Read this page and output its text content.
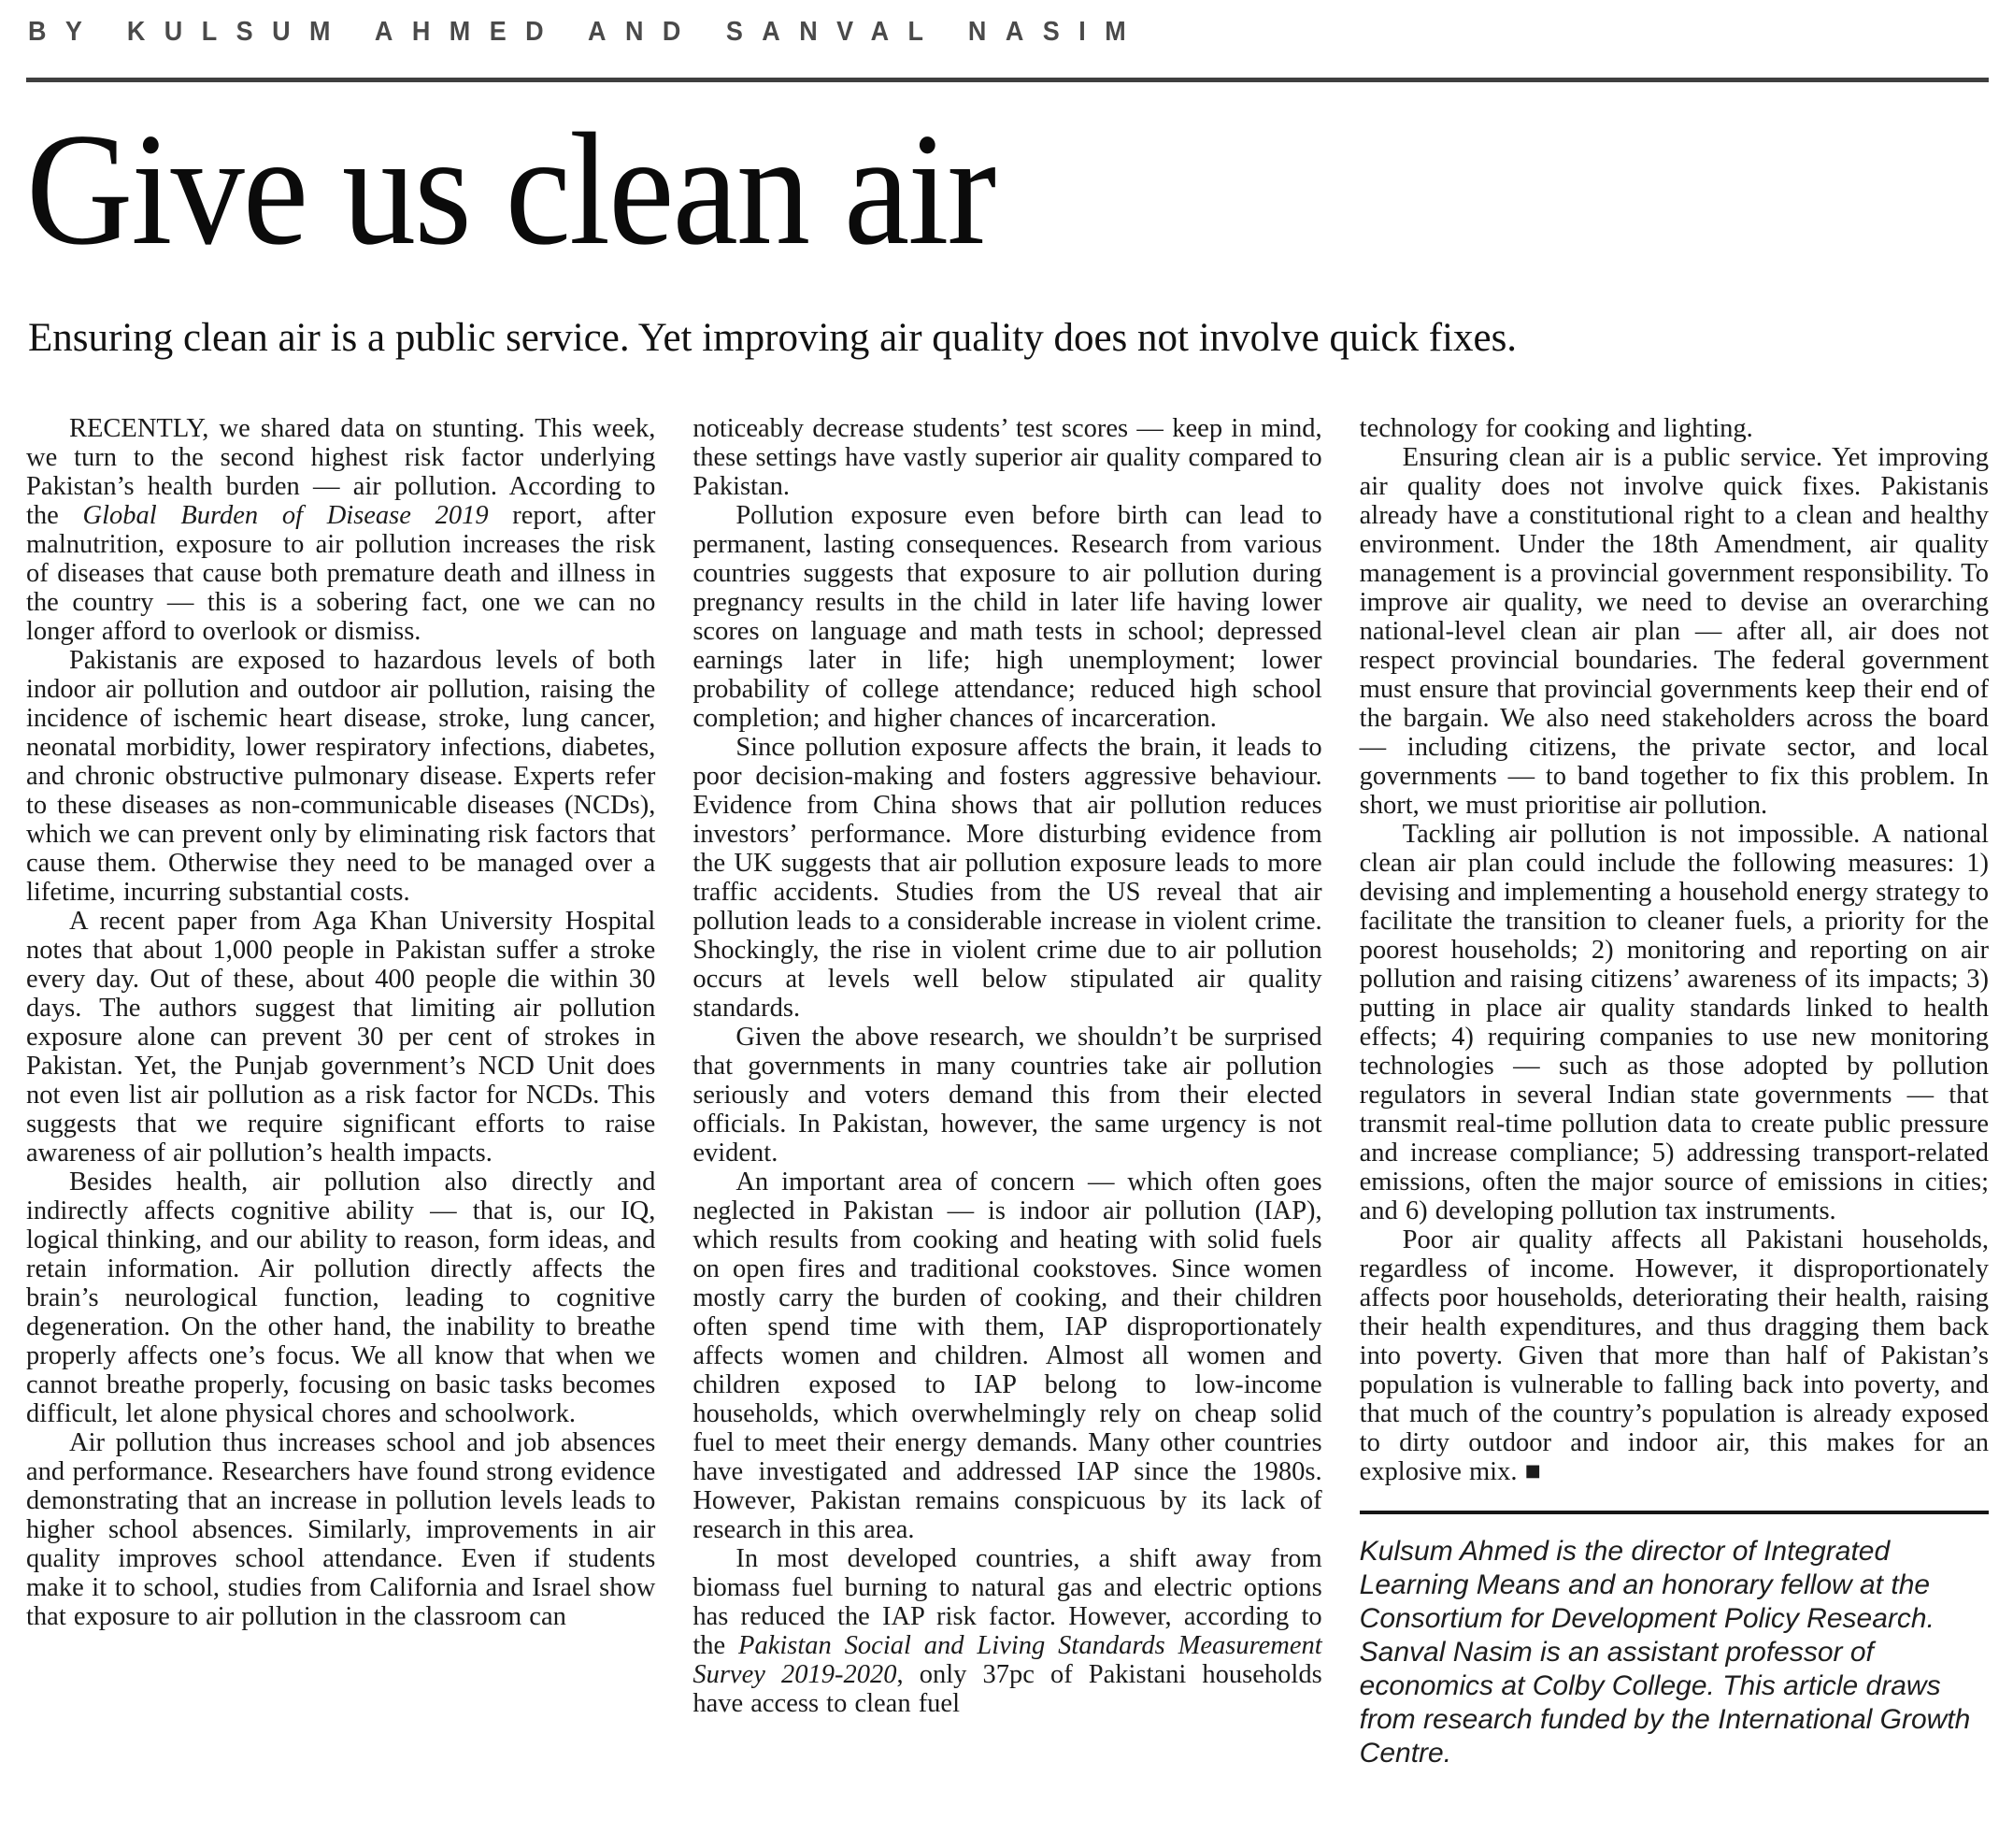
BY KULSUM AHMED AND SANVAL NASIM
Give us clean air

Ensuring clean air is a public service. Yet improving air quality does not involve quick fixes.

RECENTLY, we shared data on stunting. This week, we turn to the second highest risk factor underlying Pakistan’s health burden — air pollution. According to the Global Burden of Disease 2019 report, after malnutrition, exposure to air pollution increases the risk of diseases that cause both premature death and illness in the country — this is a sobering fact, one we can no longer afford to overlook or dismiss.

Pakistanis are exposed to hazardous levels of both indoor air pollution and outdoor air pollution, raising the incidence of ischemic heart disease, stroke, lung cancer, neonatal morbidity, lower respiratory infections, diabetes, and chronic obstructive pulmonary disease. Experts refer to these diseases as non-communicable diseases (NCDs), which we can prevent only by eliminating risk factors that cause them. Otherwise they need to be managed over a lifetime, incurring substantial costs.

A recent paper from Aga Khan University Hospital notes that about 1,000 people in Pakistan suffer a stroke every day. Out of these, about 400 people die within 30 days. The authors suggest that limiting air pollution exposure alone can prevent 30 per cent of strokes in Pakistan. Yet, the Punjab government’s NCD Unit does not even list air pollution as a risk factor for NCDs. This suggests that we require significant efforts to raise awareness of air pollution’s health impacts.

Besides health, air pollution also directly and indirectly affects cognitive ability — that is, our IQ, logical thinking, and our ability to reason, form ideas, and retain information. Air pollution directly affects the brain’s neurological function, leading to cognitive degeneration. On the other hand, the inability to breathe properly affects one’s focus. We all know that when we cannot breathe properly, focusing on basic tasks becomes difficult, let alone physical chores and schoolwork.

Air pollution thus increases school and job absences and performance. Researchers have found strong evidence demonstrating that an increase in pollution levels leads to higher school absences. Similarly, improvements in air quality improves school attendance. Even if students make it to school, studies from California and Israel show that exposure to air pollution in the classroom can

noticeably decrease students’ test scores — keep in mind, these settings have vastly superior air quality compared to Pakistan.

Pollution exposure even before birth can lead to permanent, lasting consequences. Research from various countries suggests that exposure to air pollution during pregnancy results in the child in later life having lower scores on language and math tests in school; depressed earnings later in life; high unemployment; lower probability of college attendance; reduced high school completion; and higher chances of incarceration.

Since pollution exposure affects the brain, it leads to poor decision-making and fosters aggressive behaviour. Evidence from China shows that air pollution reduces investors’ performance. More disturbing evidence from the UK suggests that air pollution exposure leads to more traffic accidents. Studies from the US reveal that air pollution leads to a considerable increase in violent crime. Shockingly, the rise in violent crime due to air pollution occurs at levels well below stipulated air quality standards.

Given the above research, we shouldn’t be surprised that governments in many countries take air pollution seriously and voters demand this from their elected officials. In Pakistan, however, the same urgency is not evident.

An important area of concern — which often goes neglected in Pakistan — is indoor air pollution (IAP), which results from cooking and heating with solid fuels on open fires and traditional cookstoves. Since women mostly carry the burden of cooking, and their children often spend time with them, IAP disproportionately affects women and children. Almost all women and children exposed to IAP belong to low-income households, which overwhelmingly rely on cheap solid fuel to meet their energy demands. Many other countries have investigated and addressed IAP since the 1980s. However, Pakistan remains conspicuous by its lack of research in this area.

In most developed countries, a shift away from biomass fuel burning to natural gas and electric options has reduced the IAP risk factor. However, according to the Pakistan Social and Living Standards Measurement Survey 2019-2020, only 37pc of Pakistani households have access to clean fuel

technology for cooking and lighting.

Ensuring clean air is a public service. Yet improving air quality does not involve quick fixes. Pakistanis already have a constitutional right to a clean and healthy environment. Under the 18th Amendment, air quality management is a provincial government responsibility. To improve air quality, we need to devise an overarching national-level clean air plan — after all, air does not respect provincial boundaries. The federal government must ensure that provincial governments keep their end of the bargain. We also need stakeholders across the board — including citizens, the private sector, and local governments — to band together to fix this problem. In short, we must prioritise air pollution.

Tackling air pollution is not impossible. A national clean air plan could include the following measures: 1) devising and implementing a household energy strategy to facilitate the transition to cleaner fuels, a priority for the poorest households; 2) monitoring and reporting on air pollution and raising citizens’ awareness of its impacts; 3) putting in place air quality standards linked to health effects; 4) requiring companies to use new monitoring technologies — such as those adopted by pollution regulators in several Indian state governments — that transmit real-time pollution data to create public pressure and increase compliance; 5) addressing transport-related emissions, often the major source of emissions in cities; and 6) developing pollution tax instruments.

Poor air quality affects all Pakistani households, regardless of income. However, it disproportionately affects poor households, deteriorating their health, raising their health expenditures, and thus dragging them back into poverty. Given that more than half of Pakistan’s population is vulnerable to falling back into poverty, and that much of the country’s population is already exposed to dirty outdoor and indoor air, this makes for an explosive mix. ■

Kulsum Ahmed is the director of Integrated Learning Means and an honorary fellow at the Consortium for Development Policy Research. Sanval Nasim is an assistant professor of economics at Colby College. This article draws from research funded by the International Growth Centre.
